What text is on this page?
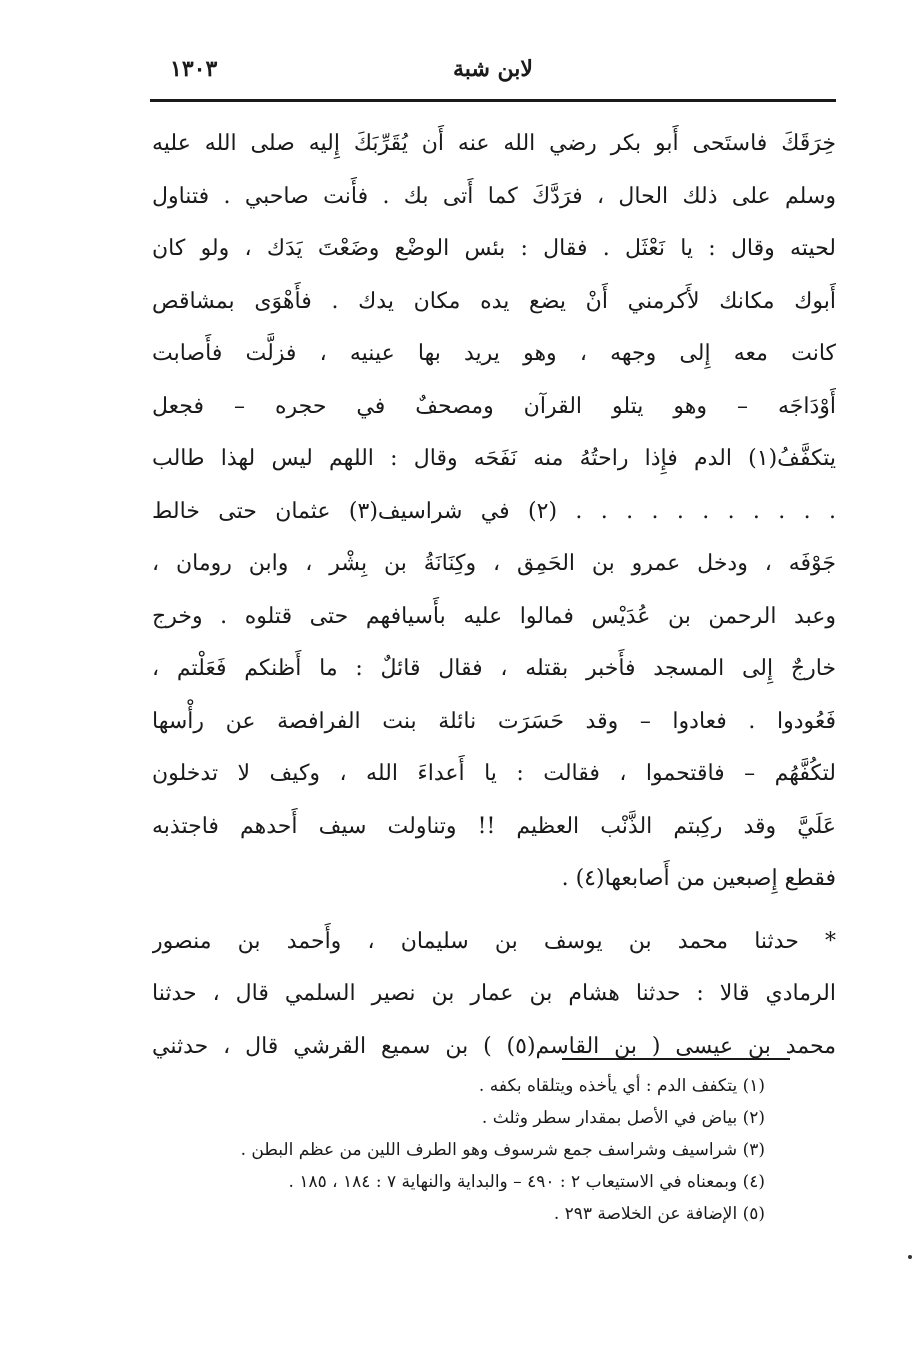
لابن شبة
١٣٠٣
خِرَقَكَ فاستَحى أَبو بكر رضي الله عنه أَن يُقَرِّبَكَ إِليه صلى الله عليه
وسلم على ذلك الحال ، فرَدَّكَ كما أَتى بك . فأَنت صاحبي . فتناول
لحيته وقال : يا نَعْثَل . فقال : بئس الوضْع وضَعْتَ يَدَك ، ولو كان
أَبوك مكانك لأَكرمني أَنْ يضع يده مكان يدك . فأَهْوَى بمشاقص
كانت معه إِلى وجهه ، وهو يريد بها عينيه ، فزلَّت فأَصابت
أَوْدَاجَه – وهو يتلو القرآن ومصحفٌ في حجره – فجعل
يتكفَّفُ(١) الدم فإِذا راحتُهُ منه نَفَحَه وقال : اللهم ليس لهذا طالب
. . . . . . . . . . . (٢) في شراسيف(٣) عثمان حتى خالط
جَوْفَه ، ودخل عمرو بن الحَمِق ، وكِنَانَةُ بن بِشْر ، وابن رومان ،
وعبد الرحمن بن عُدَيْس فمالوا عليه بأَسيافهم حتى قتلوه . وخرج
خارجٌ إِلى المسجد فأَخبر بقتله ، فقال قائلٌ : ما أَظنكم فَعَلْتم ،
فَعُودوا . فعادوا – وقد حَسَرَت نائلة بنت الفرافصة عن رأْسها
لتكُفَّهُم – فاقتحموا ، فقالت : يا أَعداءَ الله ، وكيف لا تدخلون
عَلَيَّ وقد ركِبتم الذَّنْب العظيم !! وتناولت سيف أَحدهم فاجتذبه
فقطع إِصبعين من أَصابعها(٤) .
* حدثنا محمد بن يوسف بن سليمان ، وأَحمد بن منصور
الرمادي قالا : حدثنا هشام بن عمار بن نصير السلمي قال ، حدثنا
محمد بن عيسى ( بن القاسم(٥) ) بن سميع القرشي قال ، حدثني
(١) يتكفف الدم : أي يأخذه ويتلقاه بكفه .
(٢) بياض في الأصل بمقدار سطر وثلث .
(٣) شراسيف وشراسف جمع شرسوف وهو الطرف اللين من عظم البطن .
(٤) وبمعناه في الاستيعاب ٢ : ٤٩٠ – والبداية والنهاية ٧ : ١٨٤ ، ١٨٥ .
(٥) الإضافة عن الخلاصة ٢٩٣ .
